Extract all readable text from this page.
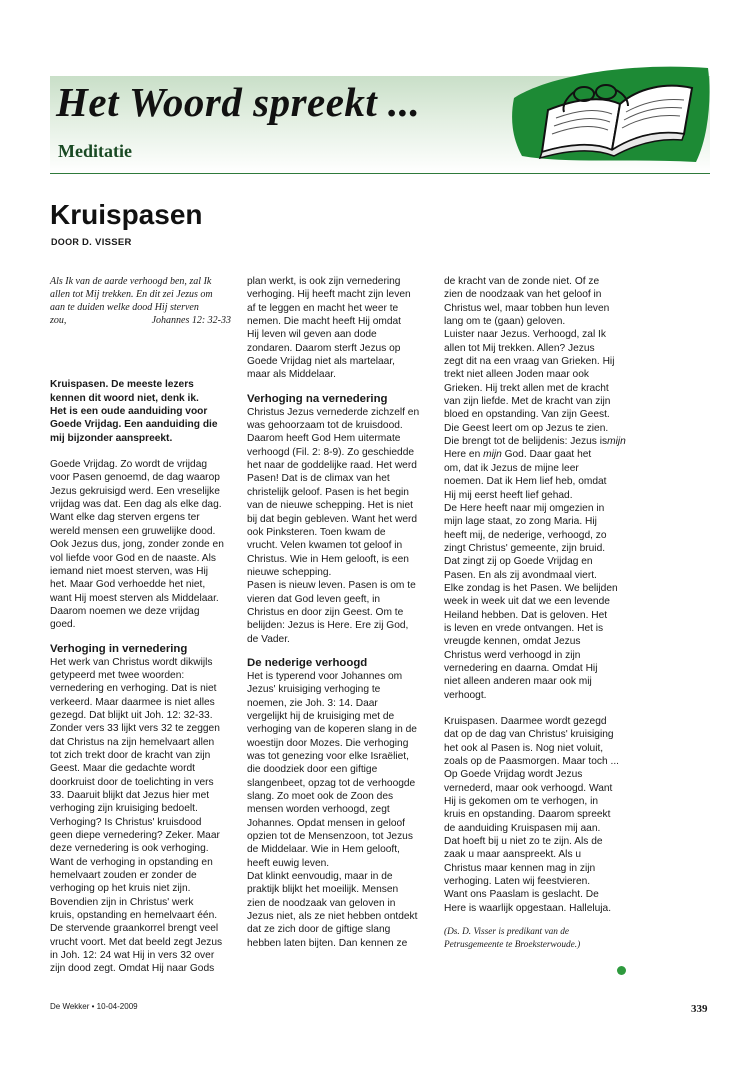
Het Woord spreekt ...
Meditatie
Kruispasen
DOOR D. VISSER

Als Ik van de aarde verhoogd ben, zal Ik
allen tot Mij trekken. En dit zei Jezus om
aan te duiden welke dood Hij sterven
zou,	Johannes 12: 32-33

Kruispasen. De meeste lezers
kennen dit woord niet, denk ik.
Het is een oude aanduiding voor
Goede Vrijdag. Een aanduiding die
mij bijzonder aanspreekt.

Goede Vrijdag. Zo wordt de vrijdag
voor Pasen genoemd, de dag waarop
Jezus gekruisigd werd. Een vreselijke
vrijdag was dat. Een dag als elke dag.
Want elke dag sterven ergens ter
wereld mensen een gruwelijke dood.
Ook Jezus dus, jong, zonder zonde en
vol liefde voor God en de naaste. Als
iemand niet moest sterven, was Hij
het. Maar God verhoedde het niet,
want Hij moest sterven als Middelaar.
Daarom noemen we deze vrijdag
goed.

Verhoging in vernedering

Het werk van Christus wordt dikwijls
getypeerd met twee woorden:
vernedering en verhoging. Dat is niet
verkeerd. Maar daarmee is niet alles
gezegd. Dat blijkt uit Joh. 12: 32-33.
Zonder vers 33 lijkt vers 32 te zeggen
dat Christus na zijn hemelvaart allen
tot zich trekt door de kracht van zijn
Geest. Maar die gedachte wordt
doorkruist door de toelichting in vers
33. Daaruit blijkt dat Jezus hier met
verhoging zijn kruisiging bedoelt.
Verhoging? Is Christus' kruisdood
geen diepe vernedering? Zeker. Maar
deze vernedering is ook verhoging.
Want de verhoging in opstanding en
hemelvaart zouden er zonder de
verhoging op het kruis niet zijn.
Bovendien zijn in Christus' werk
kruis, opstanding en hemelvaart één.
De stervende graankorrel brengt veel
vrucht voort. Met dat beeld zegt Jezus
in Joh. 12: 24 wat Hij in vers 32 over
zijn dood zegt. Omdat Hij naar Gods

plan werkt, is ook zijn vernedering
verhoging. Hij heeft macht zijn leven
af te leggen en macht het weer te
nemen. Die macht heeft Hij omdat
Hij leven wil geven aan dode
zondaren. Daarom sterft Jezus op
Goede Vrijdag niet als martelaar,
maar als Middelaar.

Verhoging na vernedering

Christus Jezus vernederde zichzelf en
was gehoorzaam tot de kruisdood.
Daarom heeft God Hem uitermate
verhoogd (Fil. 2: 8-9). Zo geschiedde
het naar de goddelijke raad. Het werd
Pasen! Dat is de climax van het
christelijk geloof. Pasen is het begin
van de nieuwe schepping. Het is niet
bij dat begin gebleven. Want het werd
ook Pinksteren. Toen kwam de
vrucht. Velen kwamen tot geloof in
Christus. Wie in Hem gelooft, is een
nieuwe schepping.
Pasen is nieuw leven. Pasen is om te
vieren dat God leven geeft, in
Christus en door zijn Geest. Om te
belijden: Jezus is Here. Ere zij God,
de Vader.

De nederige verhoogd

Het is typerend voor Johannes om
Jezus' kruisiging verhoging te
noemen, zie Joh. 3: 14. Daar
vergelijkt hij de kruisiging met de
verhoging van de koperen slang in de
woestijn door Mozes. Die verhoging
was tot genezing voor elke Israëliet,
die doodziek door een giftige
slangenbeet, opzag tot de verhoogde
slang. Zo moet ook de Zoon des
mensen worden verhoogd, zegt
Johannes. Opdat mensen in geloof
opzien tot de Mensenzoon, tot Jezus
de Middelaar. Wie in Hem gelooft,
heeft euwig leven.
Dat klinkt eenvoudig, maar in de
praktijk blijkt het moeilijk. Mensen
zien de noodzaak van geloven in
Jezus niet, als ze niet hebben ontdekt
dat ze zich door de giftige slang
hebben laten bijten. Dan kennen ze

de kracht van de zonde niet. Of ze
zien de noodzaak van het geloof in
Christus wel, maar tobben hun leven
lang om te (gaan) geloven.
Luister naar Jezus. Verhoogd, zal Ik
allen tot Mij trekken. Allen? Jezus
zegt dit na een vraag van Grieken. Hij
trekt niet alleen Joden maar ook
Grieken. Hij trekt allen met de kracht
van zijn liefde. Met de kracht van zijn
bloed en opstanding. Van zijn Geest.
Die Geest leert om op Jezus te zien.
Die brengt tot de belijdenis: Jezus ismijn Here en mijn God. Daar gaat het
om, dat ik Jezus de mijne leer
noemen. Dat ik Hem lief heb, omdat
Hij mij eerst heeft lief gehad.
De Here heeft naar mij omgezien in
mijn lage staat, zo zong Maria. Hij
heeft mij, de nederige, verhoogd, zo
zingt Christus' gemeente, zijn bruid.
Dat zingt zij op Goede Vrijdag en
Pasen. En als zij avondmaal viert.
Elke zondag is het Pasen. We belijden
week in week uit dat we een levende
Heiland hebben. Dat is geloven. Het
is leven en vrede ontvangen. Het is
vreugde kennen, omdat Jezus
Christus werd verhoogd in zijn
vernedering en daarna. Omdat Hij
niet alleen anderen maar ook mij
verhoogt.

Kruispasen. Daarmee wordt gezegd
dat op de dag van Christus' kruisiging
het ook al Pasen is. Nog niet voluit,
zoals op de Paasmorgen. Maar toch ...
Op Goede Vrijdag wordt Jezus
vernederd, maar ook verhoogd. Want
Hij is gekomen om te verhogen, in
kruis en opstanding. Daarom spreekt
de aanduiding Kruispasen mij aan.
Dat hoeft bij u niet zo te zijn. Als de
zaak u maar aanspreekt. Als u
Christus maar kennen mag in zijn
verhoging. Laten wij feestvieren.
Want ons Paaslam is geslacht. De
Here is waarlijk opgestaan. Halleluja.

(Ds. D. Visser is predikant van de
Petrusgemeente te Broeksterwoude.)

De Wekker • 10-04-2009	339
